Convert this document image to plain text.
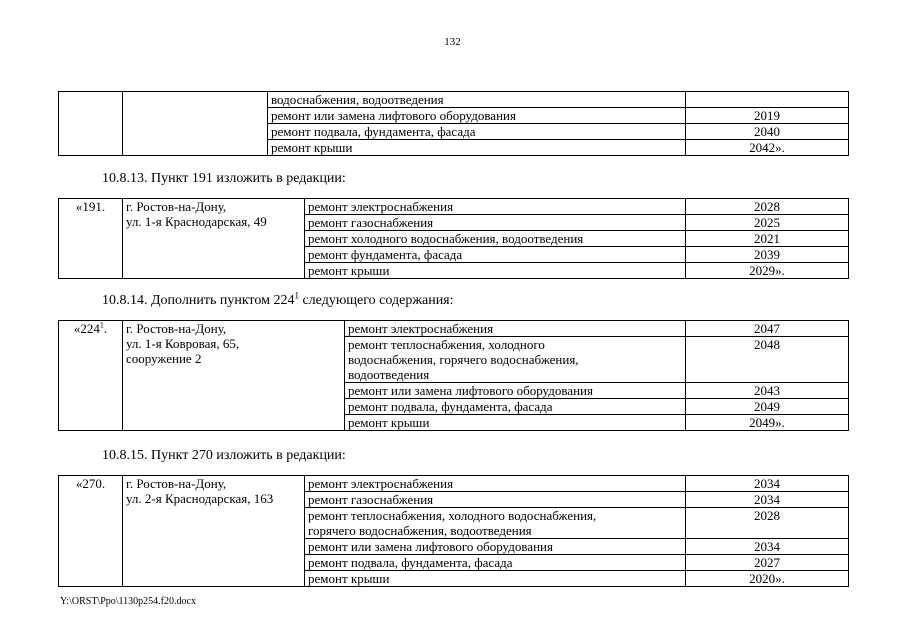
132
		водоснабжения, водоотведения	
		ремонт или замена лифтового оборудования	2019
		ремонт подвала, фундамента, фасада	2040
		ремонт крыши	2042».
10.8.13. Пункт 191 изложить в редакции:
«191.	г. Ростов-на-Дону,
ул. 1-я Краснодарская, 49	ремонт электроснабжения	2028
		ремонт газоснабжения	2025
		ремонт холодного водоснабжения, водоотведения	2021
		ремонт фундамента, фасада	2039
		ремонт крыши	2029».
10.8.14. Дополнить пунктом $224^1$ следующего содержания:
«$224^1$.	г. Ростов-на-Дону,
ул. 1-я Ковровая, 65,
сооружение 2	ремонт электроснабжения	2047

		ремонт теплоснабжения, холодного
водоснабжения, горячего водоснабжения,
водоотведения	2048
		ремонт или замена лифтового оборудования	2043
		ремонт подвала, фундамента, фасада	2049
		ремонт крыши	2049».
10.8.15. Пункт 270 изложить в редакции:
«270.	г. Ростов-на-Дону,
ул. 2-я Краснодарская, 163	ремонт электроснабжения	2034
		ремонт газоснабжения	2034

		ремонт теплоснабжения, холодного водоснабжения,
горячего водоснабжения, водоотведения	2028
		ремонт или замена лифтового оборудования	2034
		ремонт подвала, фундамента, фасада	2027
		ремонт крыши	2020».
Y:\ORST\Ppo\1130p254.f20.docx
